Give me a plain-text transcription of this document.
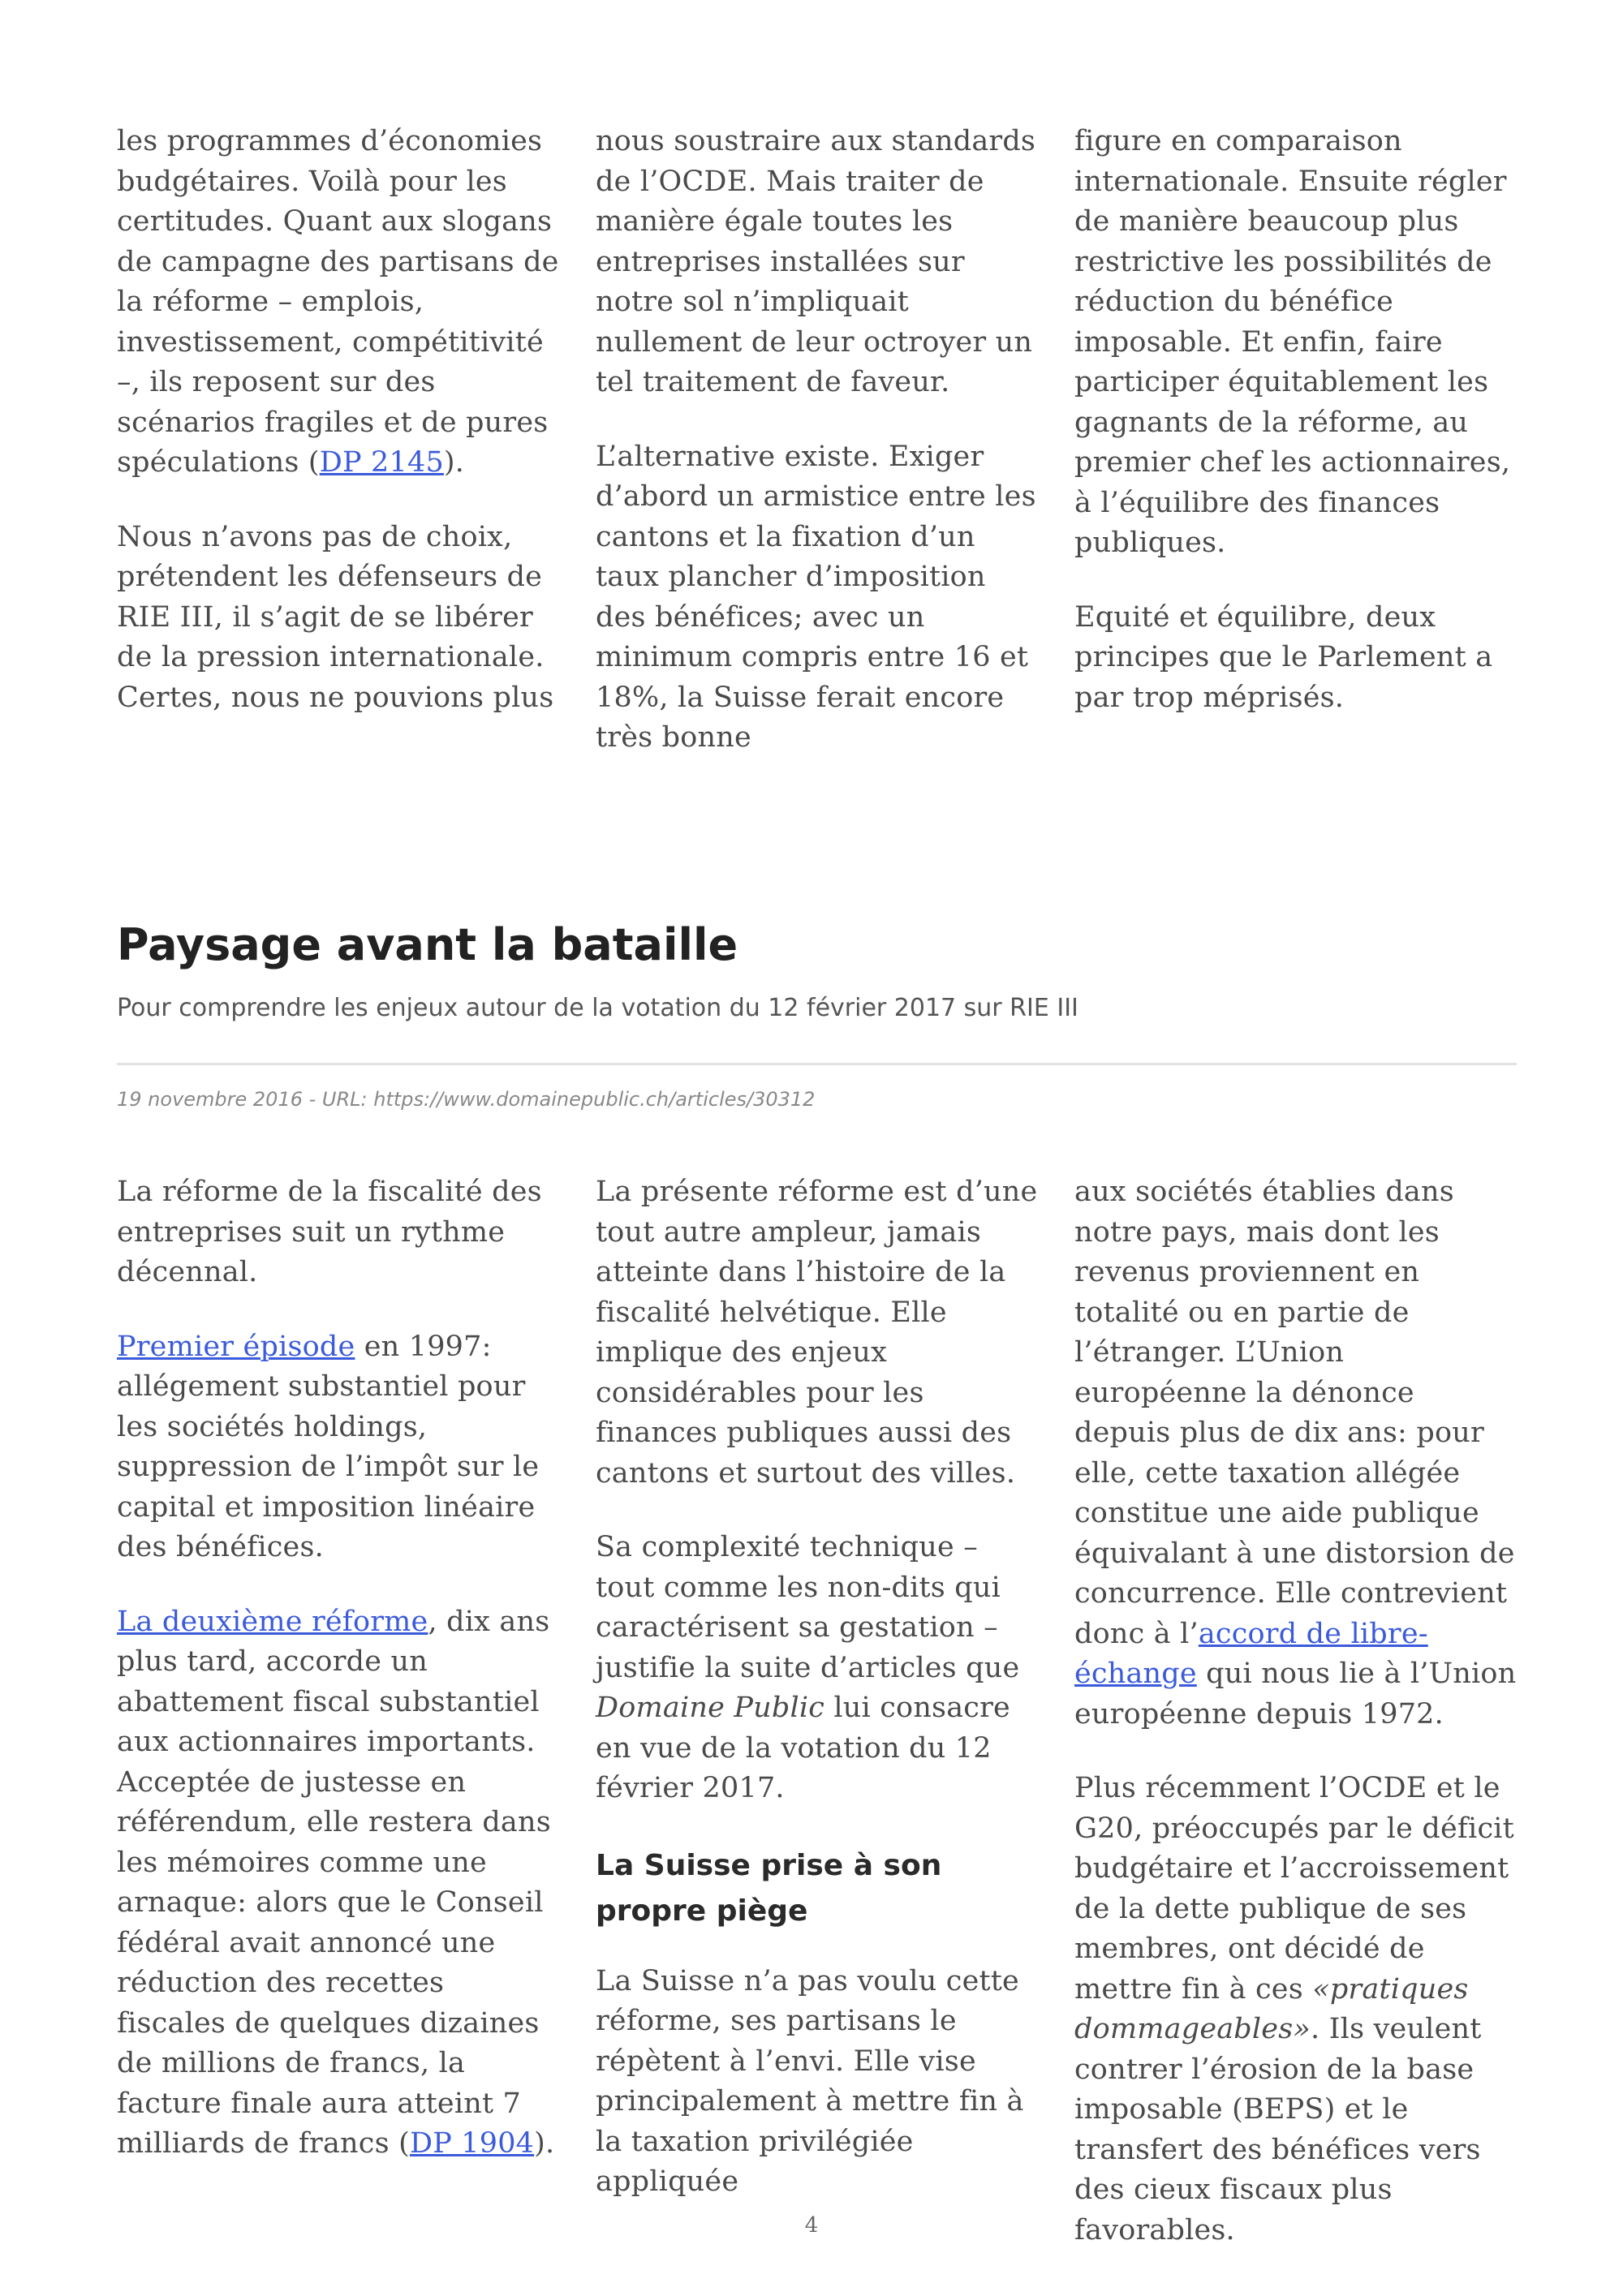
les programmes d’économies budgétaires. Voilà pour les certitudes. Quant aux slogans de campagne des partisans de la réforme – emplois, investissement, compétitivité –, ils reposent sur des scénarios fragiles et de pures spéculations (DP 2145).

Nous n’avons pas de choix, prétendent les défenseurs de RIE III, il s’agit de se libérer de la pression internationale. Certes, nous ne pouvions plus

nous soustraire aux standards de l’OCDE. Mais traiter de manière égale toutes les entreprises installées sur notre sol n’impliquait nullement de leur octroyer un tel traitement de faveur.

L’alternative existe. Exiger d’abord un armistice entre les cantons et la fixation d’un taux plancher d’imposition des bénéfices; avec un minimum compris entre 16 et 18%, la Suisse ferait encore très bonne

figure en comparaison internationale. Ensuite régler de manière beaucoup plus restrictive les possibilités de réduction du bénéfice imposable. Et enfin, faire participer équitablement les gagnants de la réforme, au premier chef les actionnaires, à l’équilibre des finances publiques.

Equité et équilibre, deux principes que le Parlement a par trop méprisés.

Paysage avant la bataille

Pour comprendre les enjeux autour de la votation du 12 février 2017 sur RIE III

19 novembre 2016 - URL: https://www.domainepublic.ch/articles/30312

La réforme de la fiscalité des entreprises suit un rythme décennal.

Premier épisode en 1997: allégement substantiel pour les sociétés holdings, suppression de l’impôt sur le capital et imposition linéaire des bénéfices.

La deuxième réforme, dix ans plus tard, accorde un abattement fiscal substantiel aux actionnaires importants. Acceptée de justesse en référendum, elle restera dans les mémoires comme une arnaque: alors que le Conseil fédéral avait annoncé une réduction des recettes fiscales de quelques dizaines de millions de francs, la facture finale aura atteint 7 milliards de francs (DP 1904).

La présente réforme est d’une tout autre ampleur, jamais atteinte dans l’histoire de la fiscalité helvétique. Elle implique des enjeux considérables pour les finances publiques aussi des cantons et surtout des villes.

Sa complexité technique – tout comme les non-dits qui caractérisent sa gestation – justifie la suite d’articles que Domaine Public lui consacre en vue de la votation du 12 février 2017.

La Suisse prise à son propre piège

La Suisse n’a pas voulu cette réforme, ses partisans le répètent à l’envi. Elle vise principalement à mettre fin à la taxation privilégiée appliquée

aux sociétés établies dans notre pays, mais dont les revenus proviennent en totalité ou en partie de l’étranger. L’Union européenne la dénonce depuis plus de dix ans: pour elle, cette taxation allégée constitue une aide publique équivalant à une distorsion de concurrence. Elle contrevient donc à l’accord de libre-échange qui nous lie à l’Union européenne depuis 1972.

Plus récemment l’OCDE et le G20, préoccupés par le déficit budgétaire et l’accroissement de la dette publique de ses membres, ont décidé de mettre fin à ces «pratiques dommageables». Ils veulent contrer l’érosion de la base imposable (BEPS) et le transfert des bénéfices vers des cieux fiscaux plus favorables.

4
